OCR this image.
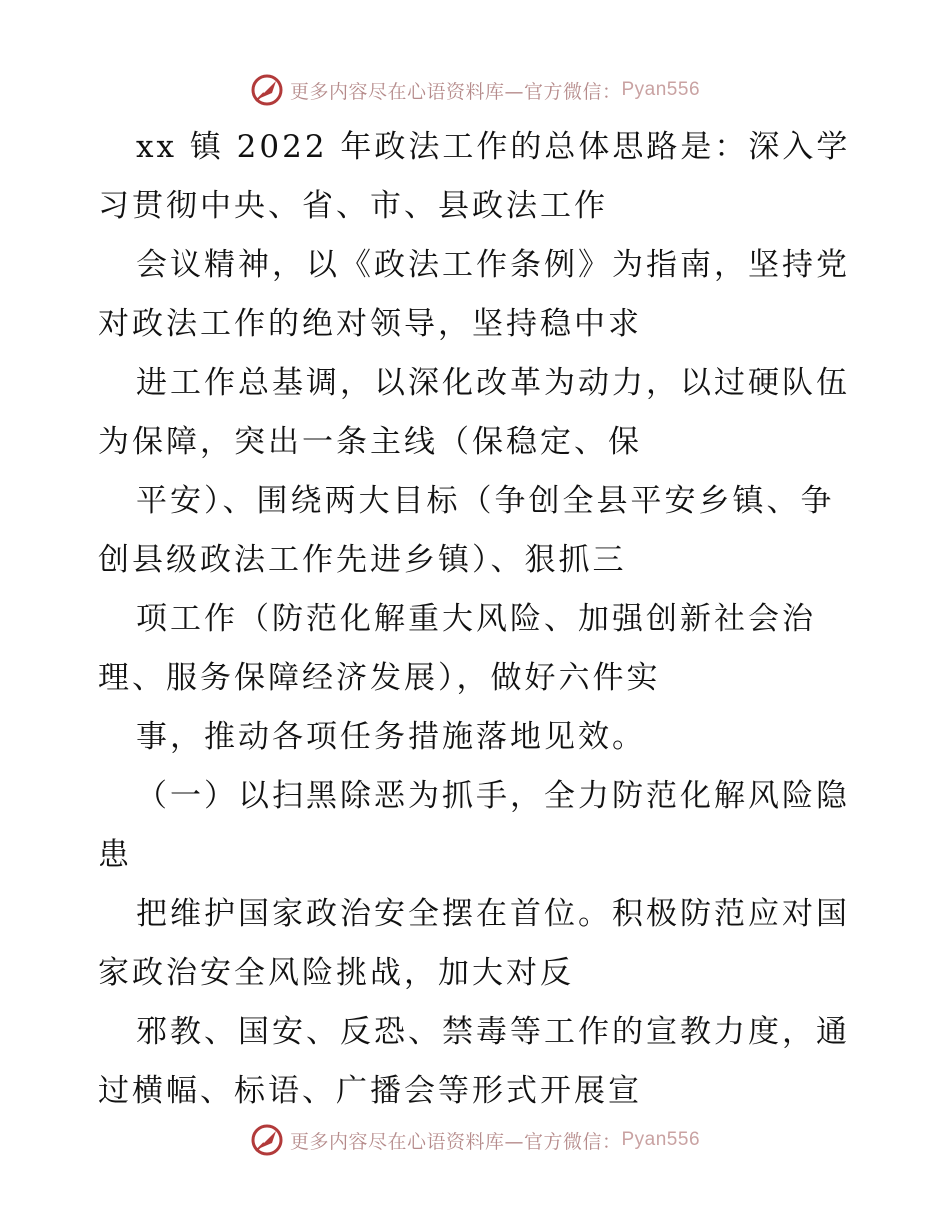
更多内容尽在心语资料库—官方微信： Pyan556
xx 镇 2022 年政法工作的总体思路是：深入学
习贯彻中央、省、市、县政法工作
会议精神，以《政法工作条例》为指南，坚持党
对政法工作的绝对领导，坚持稳中求
进工作总基调，以深化改革为动力，以过硬队伍
为保障，突出一条主线（保稳定、保
平安）、围绕两大目标（争创全县平安乡镇、争
创县级政法工作先进乡镇）、狠抓三
项工作（防范化解重大风险、加强创新社会治
理、服务保障经济发展），做好六件实
事，推动各项任务措施落地见效。
（一）以扫黑除恶为抓手，全力防范化解风险隐
患
把维护国家政治安全摆在首位。积极防范应对国
家政治安全风险挑战，加大对反
邪教、国安、反恐、禁毒等工作的宣教力度，通
过横幅、标语、广播会等形式开展宣
更多内容尽在心语资料库—官方微信： Pyan556
